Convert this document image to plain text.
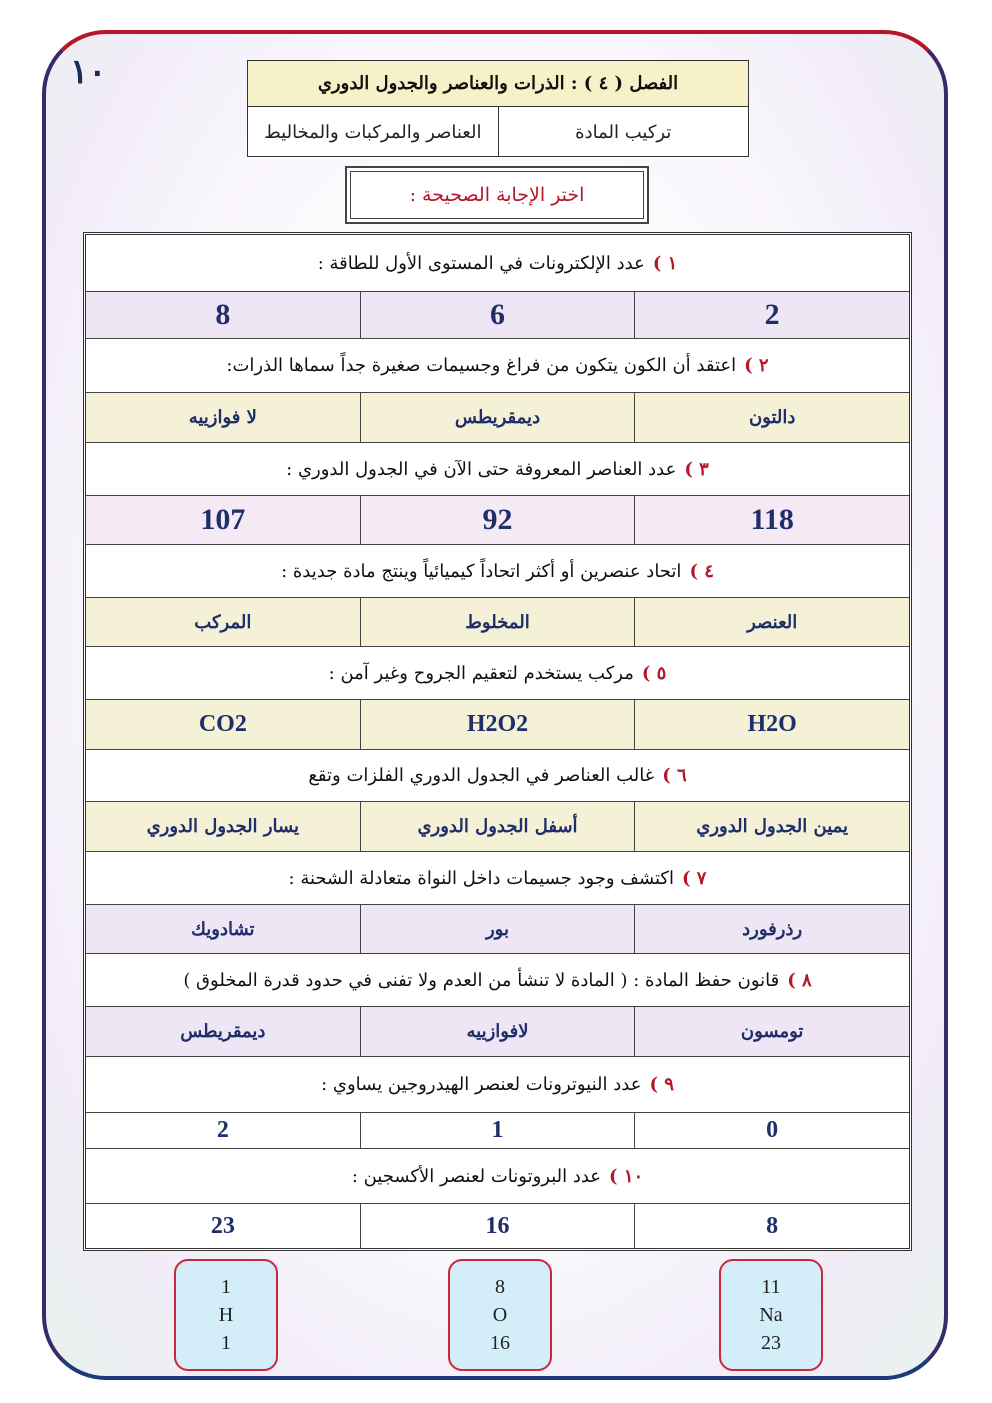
١٠	الفصل ( ٤ ) : الذرات والعناصر والجدول الدوري
تركيب المادة
العناصر والمركبات والمخاليط
اختر الإجابة الصحيحة :
١ )
عدد الإلكترونات في المستوى الأول للطاقة :
2
6
8
٢ )
اعتقد أن الكون يتكون من فراغ وجسيمات صغيرة جداً سماها الذرات:
دالتون
ديمقريطس
لا فوازييه
٣ )
عدد العناصر المعروفة حتى الآن في الجدول الدوري :
118
92
107
٤ )
اتحاد عنصرين أو أكثر اتحاداً كيميائياً وينتج مادة جديدة :
العنصر
المخلوط
المركب
٥ )
مركب يستخدم لتعقيم الجروح وغير آمن :
H2O
H2O2
CO2
٦ )
غالب العناصر في الجدول الدوري الفلزات وتقع
يمين الجدول الدوري
أسفل الجدول الدوري
يسار الجدول الدوري
٧ )
اكتشف وجود جسيمات داخل النواة متعادلة الشحنة :
رذرفورد
بور
تشادويك
٨ )
قانون حفظ المادة : ( المادة لا تنشأ من العدم ولا تفنى في حدود قدرة المخلوق )
تومسون
لافوازييه
ديمقريطس
٩ )
عدد النيوترونات لعنصر الهيدروجين يساوي :
0
1
2
١٠ )
عدد البروتونات لعنصر الأكسجين :
8
16
23
1
H
1
8
O
16
11
Na
23
